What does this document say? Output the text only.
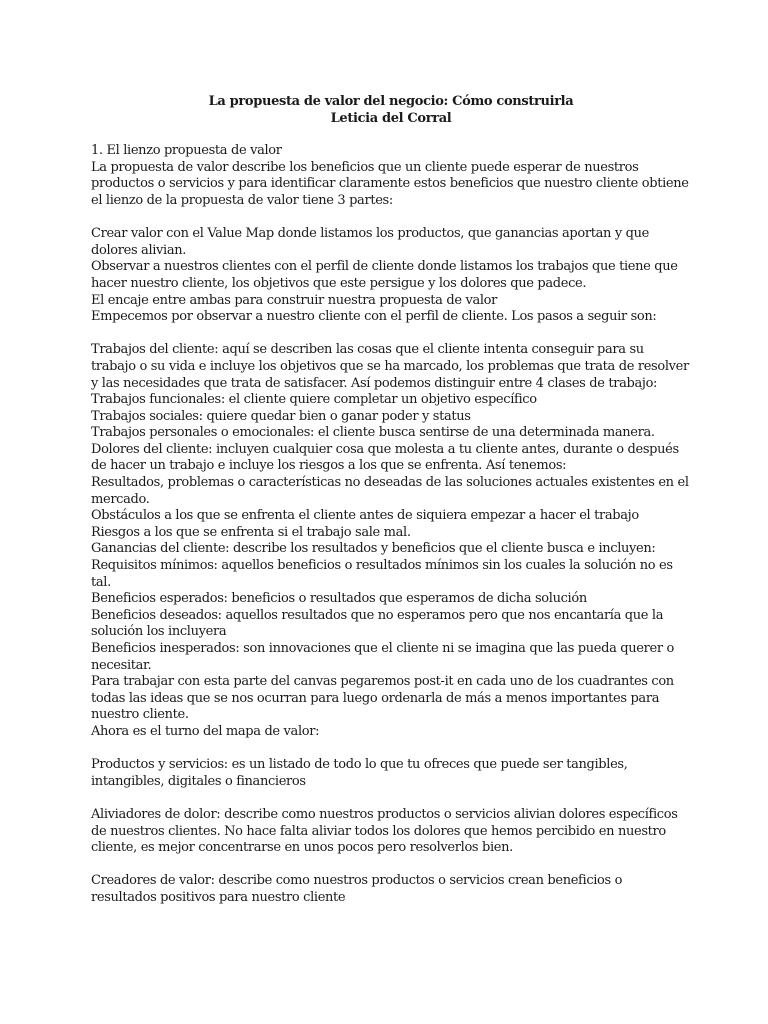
La propuesta de valor del negocio: Cómo construirla
Leticia del Corral
1. El lienzo propuesta de valor
La propuesta de valor describe los beneficios que un cliente puede esperar de nuestros productos o servicios y para identificar claramente estos beneficios que nuestro cliente obtiene el lienzo de la propuesta de valor tiene 3 partes:
Crear valor con el Value Map donde listamos los productos, que ganancias aportan y que dolores alivian.
Observar a nuestros clientes con el perfil de cliente donde listamos los trabajos que tiene que hacer nuestro cliente, los objetivos que este persigue y los dolores que padece.
El encaje entre ambas para construir nuestra propuesta de valor
Empecemos por observar a nuestro cliente con el perfil de cliente. Los pasos a seguir son:
Trabajos del cliente: aquí se describen las cosas que el cliente intenta conseguir para su trabajo o su vida e incluye los objetivos que se ha marcado, los problemas que trata de resolver y las necesidades que trata de satisfacer. Así podemos distinguir entre 4 clases de trabajo:
Trabajos funcionales: el cliente quiere completar un objetivo específico
Trabajos sociales: quiere quedar bien o ganar poder y status
Trabajos personales o emocionales: el cliente busca sentirse de una determinada manera.
Dolores del cliente: incluyen cualquier cosa que molesta a tu cliente antes, durante o después de hacer un trabajo e incluye los riesgos a los que se enfrenta. Así tenemos:
Resultados, problemas o características no deseadas de las soluciones actuales existentes en el mercado.
Obstáculos a los que se enfrenta el cliente antes de siquiera empezar a hacer el trabajo
Riesgos a los que se enfrenta si el trabajo sale mal.
Ganancias del cliente: describe los resultados y beneficios que el cliente busca e incluyen:
Requisitos mínimos: aquellos beneficios o resultados mínimos sin los cuales la solución no es tal.
Beneficios esperados: beneficios o resultados que esperamos de dicha solución
Beneficios deseados: aquellos resultados que no esperamos pero que nos encantaría que la solución los incluyera
Beneficios inesperados: son innovaciones que el cliente ni se imagina que las pueda querer o necesitar.
Para trabajar con esta parte del canvas pegaremos post-it en cada uno de los cuadrantes con todas las ideas que se nos ocurran para luego ordenarla de más a menos importantes para nuestro cliente.
Ahora es el turno del mapa de valor:
Productos y servicios: es un listado de todo lo que tu ofreces que puede ser tangibles, intangibles, digitales o financieros
Aliviadores de dolor: describe como nuestros productos o servicios alivian dolores específicos de nuestros clientes. No hace falta aliviar todos los dolores que hemos percibido en nuestro cliente, es mejor concentrarse en unos pocos pero resolverlos bien.
Creadores de valor: describe como nuestros productos o servicios crean beneficios o resultados positivos para nuestro cliente
